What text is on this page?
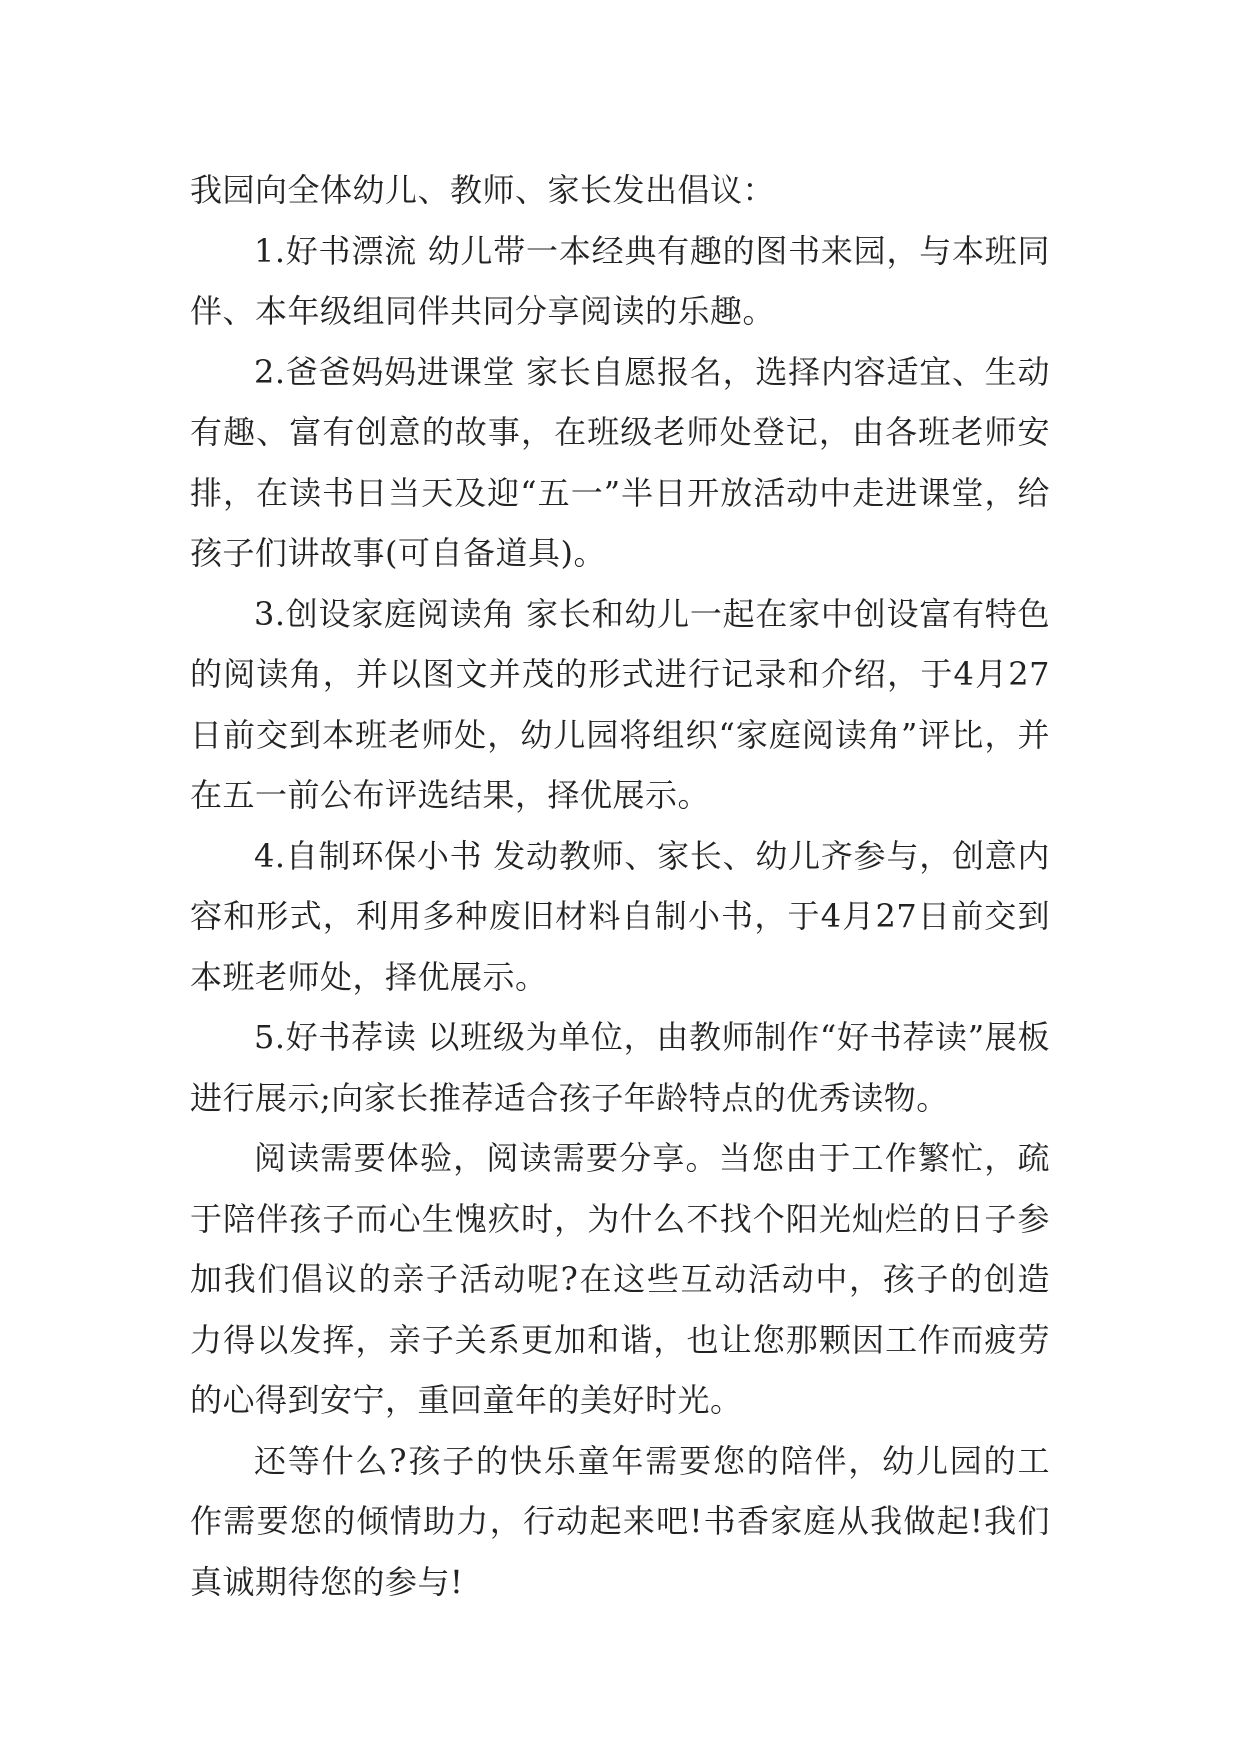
我园向全体幼儿、教师、家长发出倡议：

1.好书漂流 幼儿带一本经典有趣的图书来园，与本班同伴、本年级组同伴共同分享阅读的乐趣。

2.爸爸妈妈进课堂 家长自愿报名，选择内容适宜、生动有趣、富有创意的故事，在班级老师处登记，由各班老师安排，在读书日当天及迎“五一”半日开放活动中走进课堂，给孩子们讲故事(可自备道具)。

3.创设家庭阅读角 家长和幼儿一起在家中创设富有特色的阅读角，并以图文并茂的形式进行记录和介绍，于4月27日前交到本班老师处，幼儿园将组织“家庭阅读角”评比，并在五一前公布评选结果，择优展示。

4.自制环保小书 发动教师、家长、幼儿齐参与，创意内容和形式，利用多种废旧材料自制小书，于4月27日前交到本班老师处，择优展示。

5.好书荐读 以班级为单位，由教师制作“好书荐读”展板进行展示;向家长推荐适合孩子年龄特点的优秀读物。

阅读需要体验，阅读需要分享。当您由于工作繁忙，疏于陪伴孩子而心生愧疚时，为什么不找个阳光灿烂的日子参加我们倡议的亲子活动呢?在这些互动活动中，孩子的创造力得以发挥，亲子关系更加和谐，也让您那颗因工作而疲劳的心得到安宁，重回童年的美好时光。

还等什么?孩子的快乐童年需要您的陪伴，幼儿园的工作需要您的倾情助力，行动起来吧!书香家庭从我做起!我们真诚期待您的参与!
